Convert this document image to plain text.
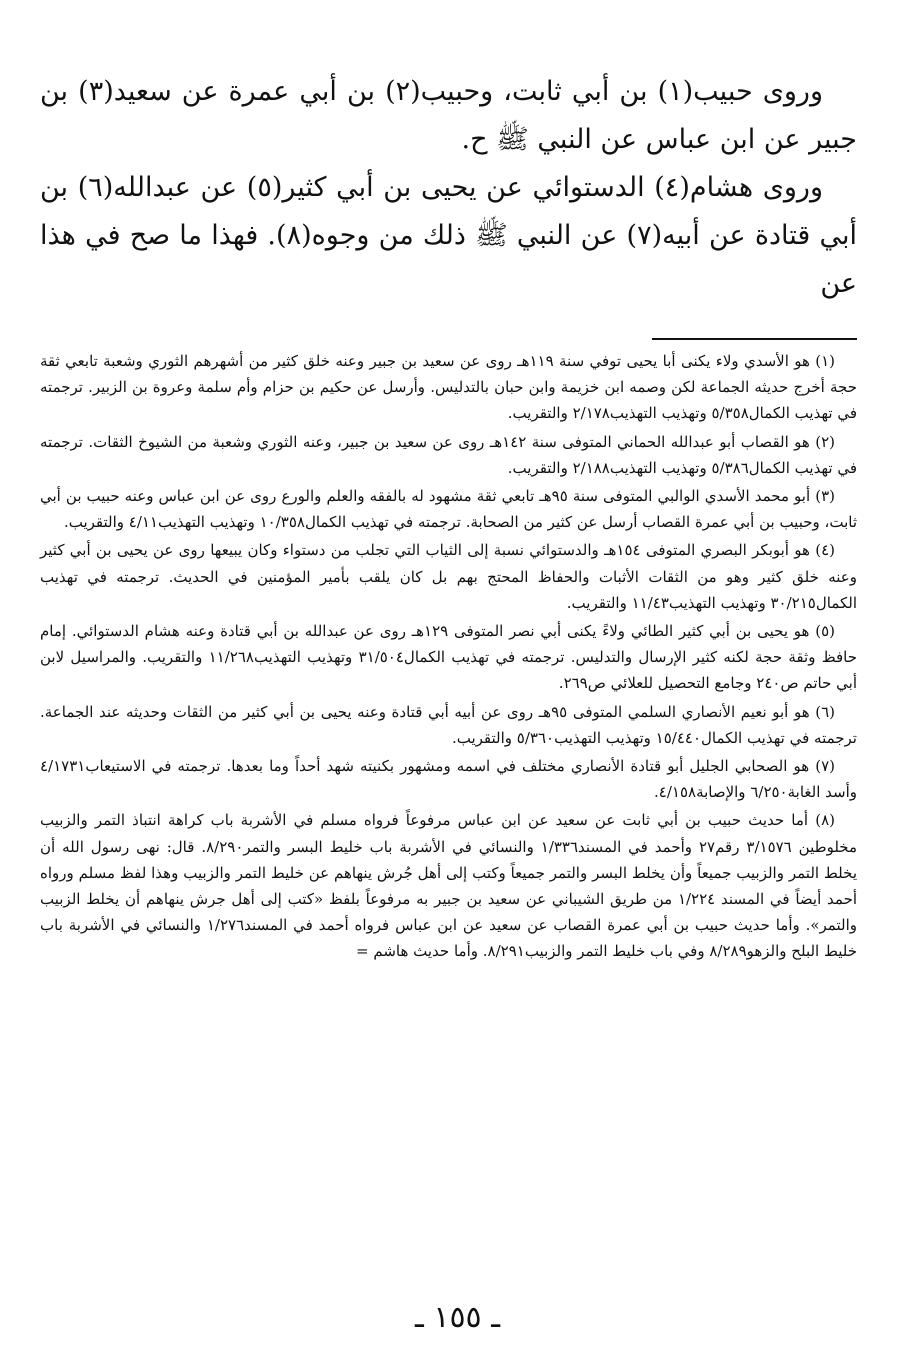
وروى حبيب(١) بن أبي ثابت، وحبيب(٢) بن أبي عمرة عن سعيد(٣) بن جبير عن ابن عباس عن النبي ﷺ ح.

وروى هشام(٤) الدستوائي عن يحيى بن أبي كثير(٥) عن عبدالله(٦) بن أبي قتادة عن أبيه(٧) عن النبي ﷺ ذلك من وجوه(٨). فهذا ما صح في هذا عن

(١) هو الأسدي ولاء يكنى أبا يحيى توفي سنة ١١٩هـ روى عن سعيد بن جبير وعنه خلق كثير من أشهرهم الثوري وشعبة تابعي ثقة حجة أخرج حديثه الجماعة لكن وصمه ابن خزيمة وابن حبان بالتدليس. وأرسل عن حكيم بن حزام وأم سلمة وعروة بن الزبير. ترجمته في تهذيب الكمال٥/٣٥٨ وتهذيب التهذيب٢/١٧٨ والتقريب.

(٢) هو القصاب أبو عبدالله الحماني المتوفى سنة ١٤٢هـ روى عن سعيد بن جبير، وعنه الثوري وشعبة من الشيوخ الثقات. ترجمته في تهذيب الكمال٥/٣٨٦ وتهذيب التهذيب٢/١٨٨ والتقريب.

(٣) أبو محمد الأسدي الوالبي المتوفى سنة ٩٥هـ تابعي ثقة مشهود له بالفقه والعلم والورع روى عن ابن عباس وعنه حبيب بن أبي ثابت، وحبيب بن أبي عمرة القصاب أرسل عن كثير من الصحابة. ترجمته في تهذيب الكمال١٠/٣٥٨ وتهذيب التهذيب٤/١١ والتقريب.

(٤) هو أبوبكر البصري المتوفى ١٥٤هـ والدستوائي نسبة إلى الثياب التي تجلب من دستواء وكان يبيعها روى عن يحيى بن أبي كثير وعنه خلق كثير وهو من الثقات الأثبات والحفاظ المحتج بهم بل كان يلقب بأمير المؤمنين في الحديث. ترجمته في تهذيب الكمال٣٠/٢١٥ وتهذيب التهذيب١١/٤٣ والتقريب.

(٥) هو يحيى بن أبي كثير الطائي ولاءً يكنى أبي نصر المتوفى ١٢٩هـ روى عن عبدالله بن أبي قتادة وعنه هشام الدستوائي. إمام حافظ وثقة حجة لكنه كثير الإرسال والتدليس. ترجمته في تهذيب الكمال٣١/٥٠٤ وتهذيب التهذيب١١/٢٦٨ والتقريب. والمراسيل لابن أبي حاتم ص٢٤٠ وجامع التحصيل للعلائي ص٢٦٩.

(٦) هو أبو نعيم الأنصاري السلمي المتوفى ٩٥هـ روى عن أبيه أبي قتادة وعنه يحيى بن أبي كثير من الثقات وحديثه عند الجماعة. ترجمته في تهذيب الكمال١٥/٤٤٠ وتهذيب التهذيب٥/٣٦٠ والتقريب.

(٧) هو الصحابي الجليل أبو قتادة الأنصاري مختلف في اسمه ومشهور بكنيته شهد أحداً وما بعدها. ترجمته في الاستيعاب٤/١٧٣١ وأسد الغابة٦/٢٥٠ والإصابة٤/١٥٨.

(٨) أما حديث حبيب بن أبي ثابت عن سعيد عن ابن عباس مرفوعاً فرواه مسلم في الأشربة باب كراهة انتباذ التمر والزبيب مخلوطين ٣/١٥٧٦ رقم٢٧ وأحمد في المسند١/٣٣٦ والنسائي في الأشربة باب خليط البسر والتمر٨/٢٩٠. قال: نهى رسول الله أن يخلط التمر والزبيب جميعاً وأن يخلط البسر والتمر جميعاً وكتب إلى أهل جُرش ينهاهم عن خليط التمر والزبيب وهذا لفظ مسلم ورواه أحمد أيضاً في المسند ١/٢٢٤ من طريق الشيباني عن سعيد بن جبير به مرفوعاً بلفظ «كتب إلى أهل جرش ينهاهم أن يخلط الزبيب والتمر». وأما حديث حبيب بن أبي عمرة القصاب عن سعيد عن ابن عباس فرواه أحمد في المسند١/٢٧٦ والنسائي في الأشربة باب خليط البلح والزهو٨/٢٨٩ وفي باب خليط التمر والزبيب٨/٢٩١. وأما حديث هاشم =

ـ ١٥٥ ـ
